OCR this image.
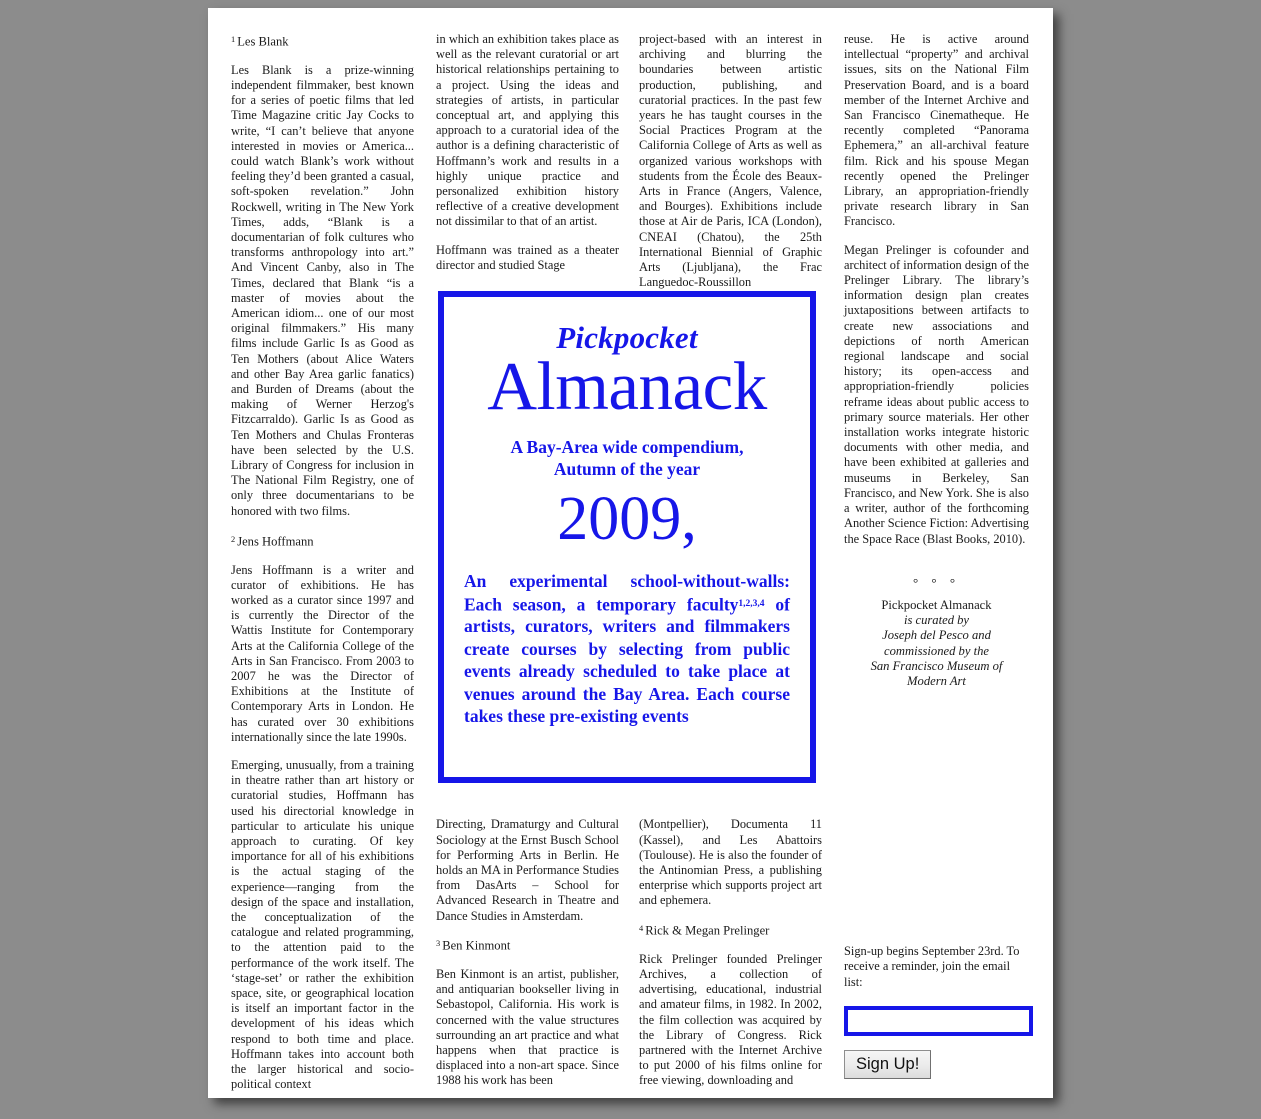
$^1$ Les Blank

Les Blank is a prize-winning independent filmmaker, best known for a series of poetic films that led Time Magazine critic Jay Cocks to write, “I can’t believe that anyone interested in movies or America... could watch Blank’s work without feeling they’d been granted a casual, soft-spoken revelation.” John Rockwell, writing in The New York Times, adds, “Blank is a documentarian of folk cultures who transforms anthropology into art.” And Vincent Canby, also in The Times, declared that Blank “is a master of movies about the American idiom... one of our most original filmmakers.” His many films include Garlic Is as Good as Ten Mothers (about Alice Waters and other Bay Area garlic fanatics) and Burden of Dreams (about the making of Werner Herzog's Fitzcarraldo). Garlic Is as Good as Ten Mothers and Chulas Fronteras have been selected by the U.S. Library of Congress for inclusion in The National Film Registry, one of only three documentarians to be honored with two films.

$^2$ Jens Hoffmann

Jens Hoffmann is a writer and curator of exhibitions. He has worked as a curator since 1997 and is currently the Director of the Wattis Institute for Contemporary Arts at the California College of the Arts in San Francisco. From 2003 to 2007 he was the Director of Exhibitions at the Institute of Contemporary Arts in London. He has curated over 30 exhibitions internationally since the late 1990s.

Emerging, unusually, from a training in theatre rather than art history or curatorial studies, Hoffmann has used his directorial knowledge in particular to articulate his unique approach to curating. Of key importance for all of his exhibitions is the actual staging of the experience—ranging from the design of the space and installation, the conceptualization of the catalogue and related programming, to the attention paid to the performance of the work itself. The ‘stage-set’ or rather the exhibition space, site, or geographical location is itself an important factor in the development of his ideas which respond to both time and place. Hoffmann takes into account both the larger historical and socio-political context

in which an exhibition takes place as well as the relevant curatorial or art historical relationships pertaining to a project. Using the ideas and strategies of artists, in particular conceptual art, and applying this approach to a curatorial idea of the author is a defining characteristic of Hoffmann’s work and results in a highly unique practice and personalized exhibition history reflective of a creative development not dissimilar to that of an artist.

Hoffmann was trained as a theater director and studied Stage

project-based with an interest in archiving and blurring the boundaries between artistic production, publishing, and curatorial practices. In the past few years he has taught courses in the Social Practices Program at the California College of Arts as well as organized various workshops with students from the École des Beaux-Arts in France (Angers, Valence, and Bourges). Exhibitions include those at Air de Paris, ICA (London), CNEAI (Chatou), the 25th International Biennial of Graphic Arts (Ljubljana), the Frac Languedoc-Roussillon

reuse. He is active around intellectual “property” and archival issues, sits on the National Film Preservation Board, and is a board member of the Internet Archive and San Francisco Cinematheque. He recently completed “Panorama Ephemera,” an all-archival feature film. Rick and his spouse Megan recently opened the Prelinger Library, an appropriation-friendly private research library in San Francisco.

Megan Prelinger is cofounder and architect of information design of the Prelinger Library. The library’s information design plan creates juxtapositions between artifacts to create new associations and depictions of north American regional landscape and social history; its open-access and appropriation-friendly policies reframe ideas about public access to primary source materials. Her other installation works integrate historic documents with other media, and have been exhibited at galleries and museums in Berkeley, San Francisco, and New York. She is also a writer, author of the forthcoming Another Science Fiction: Advertising the Space Race (Blast Books, 2010).

Pickpocket
Almanack
A Bay-Area wide compendium,
Autumn of the year
2009,
An experimental school-without-walls: Each season, a temporary faculty$^{1,2,3,4}$ of artists, curators, writers and filmmakers create courses by selecting from public events already scheduled to take place at venues around the Bay Area. Each course takes these pre-existing events

Directing, Dramaturgy and Cultural Sociology at the Ernst Busch School for Performing Arts in Berlin. He holds an MA in Performance Studies from DasArts – School for Advanced Research in Theatre and Dance Studies in Amsterdam.

$^3$ Ben Kinmont

Ben Kinmont is an artist, publisher, and antiquarian bookseller living in Sebastopol, California. His work is concerned with the value structures surrounding an art practice and what happens when that practice is displaced into a non-art space. Since 1988 his work has been

(Montpellier), Documenta 11 (Kassel), and Les Abattoirs (Toulouse). He is also the founder of the Antinomian Press, a publishing enterprise which supports project art and ephemera.

$^4$ Rick & Megan Prelinger

Rick Prelinger founded Prelinger Archives, a collection of advertising, educational, industrial and amateur films, in 1982. In 2002, the film collection was acquired by the Library of Congress. Rick partnered with the Internet Archive to put 2000 of his films online for free viewing, downloading and

° ° °
Pickpocket Almanack
is curated by
Joseph del Pesco and
commissioned by the
San Francisco Museum of
Modern Art

Sign-up begins September 23rd. To receive a reminder, join the email list:

Sign Up!
